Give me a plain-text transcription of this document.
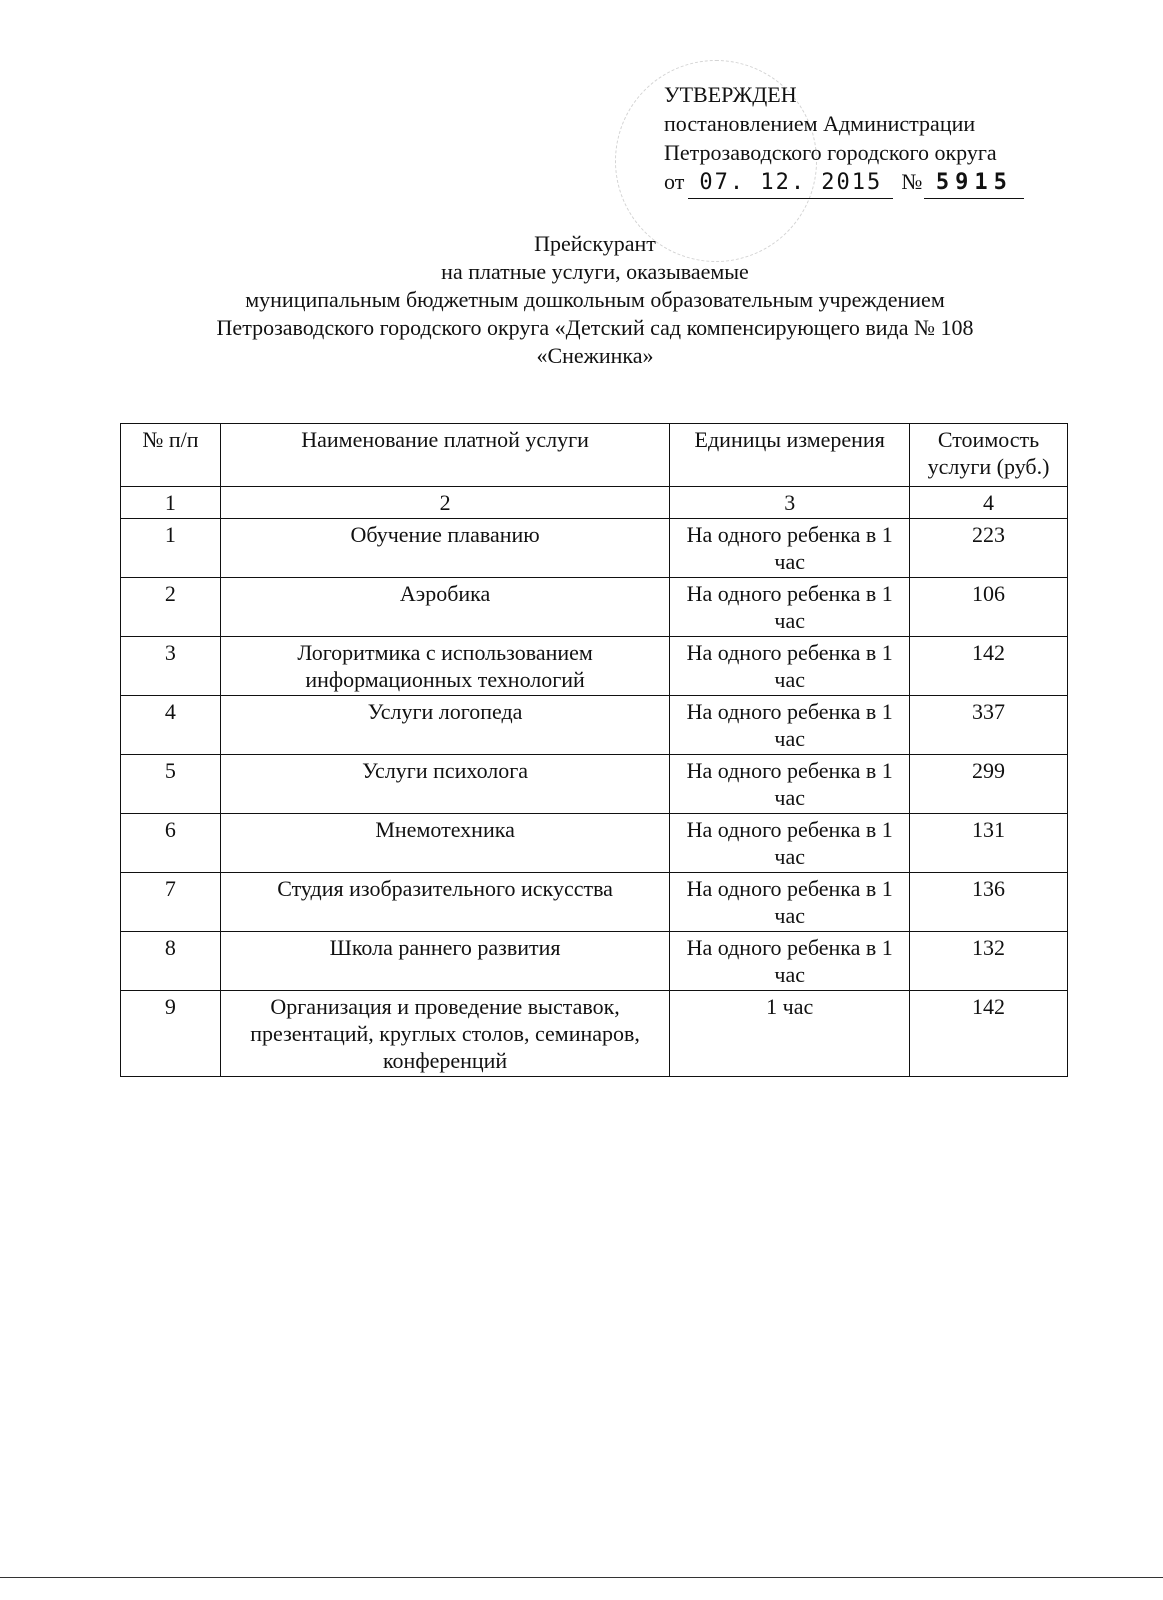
УТВЕРЖДЕН
постановлением Администрации
Петрозаводского городского округа
от 07. 12. 2015 № 5915
Прейскурант
на платные услуги, оказываемые
муниципальным бюджетным дошкольным образовательным учреждением
Петрозаводского городского округа «Детский сад компенсирующего вида № 108
«Снежинка»
№ п/п	Наименование платной услуги	Единицы измерения	Стоимость услуги (руб.)
1	2	3	4
1	Обучение плаванию	На одного ребенка в 1 час	223
2	Аэробика	На одного ребенка в 1 час	106
3	Логоритмика с использованием информационных технологий	На одного ребенка в 1 час	142
4	Услуги логопеда	На одного ребенка в 1 час	337
5	Услуги психолога	На одного ребенка в 1 час	299
6	Мнемотехника	На одного ребенка в 1 час	131
7	Студия изобразительного искусства	На одного ребенка в 1 час	136
8	Школа раннего развития	На одного ребенка в 1 час	132
9	Организация и проведение выставок, презентаций, круглых столов, семинаров, конференций	1 час	142
